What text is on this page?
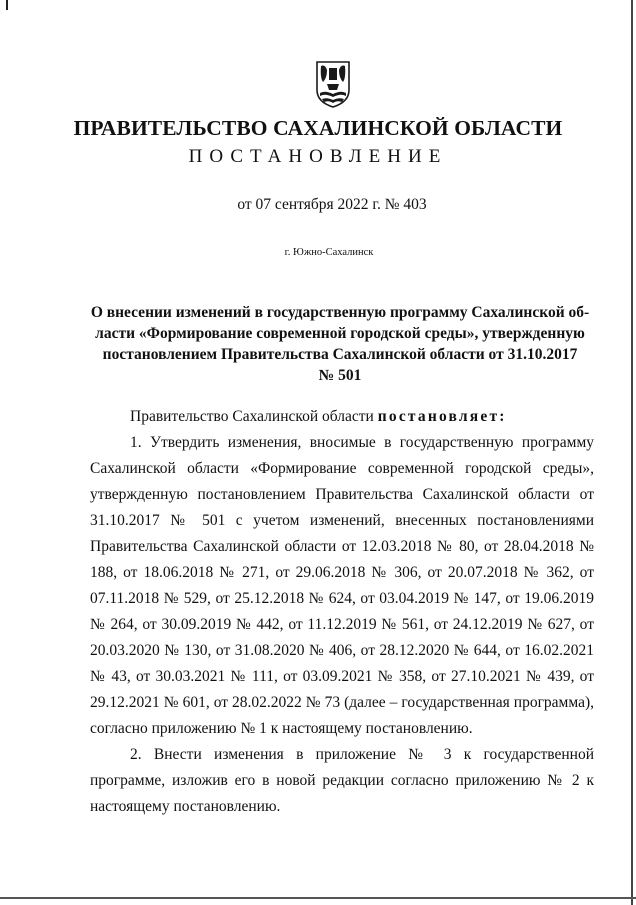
ПРАВИТЕЛЬСТВО САХАЛИНСКОЙ ОБЛАСТИ
ПОСТАНОВЛЕНИЕ
от 07 сентября 2022 г. № 403
г. Южно-Сахалинск
О внесении изменений в государственную программу Сахалинской об-
ласти «Формирование современной городской среды», утвержденную
постановлением Правительства Сахалинской области от 31.10.2017
№ 501

Правительство Сахалинской области постановляет:

1. Утвердить изменения, вносимые в государственную программу Сахалинской области «Формирование современной городской среды», утвержденную постановлением Правительства Сахалинской области от 31.10.2017 № 501 с учетом изменений, внесенных постановлениями Правительства Сахалинской области от 12.03.2018 № 80, от 28.04.2018 № 188, от 18.06.2018 № 271, от 29.06.2018 № 306, от 20.07.2018 № 362, от 07.11.2018 № 529, от 25.12.2018 № 624, от 03.04.2019 № 147, от 19.06.2019 № 264, от 30.09.2019 № 442, от 11.12.2019 № 561, от 24.12.2019 № 627, от 20.03.2020 № 130, от 31.08.2020 № 406, от 28.12.2020 № 644, от 16.02.2021 № 43, от 30.03.2021 № 111, от 03.09.2021 № 358, от 27.10.2021 № 439, от 29.12.2021 № 601, от 28.02.2022 № 73 (далее – государственная программа), согласно приложению № 1 к настоящему постановлению.

2. Внести изменения в приложение № 3 к государственной программе, изложив его в новой редакции согласно приложению № 2 к настоящему постановлению.
